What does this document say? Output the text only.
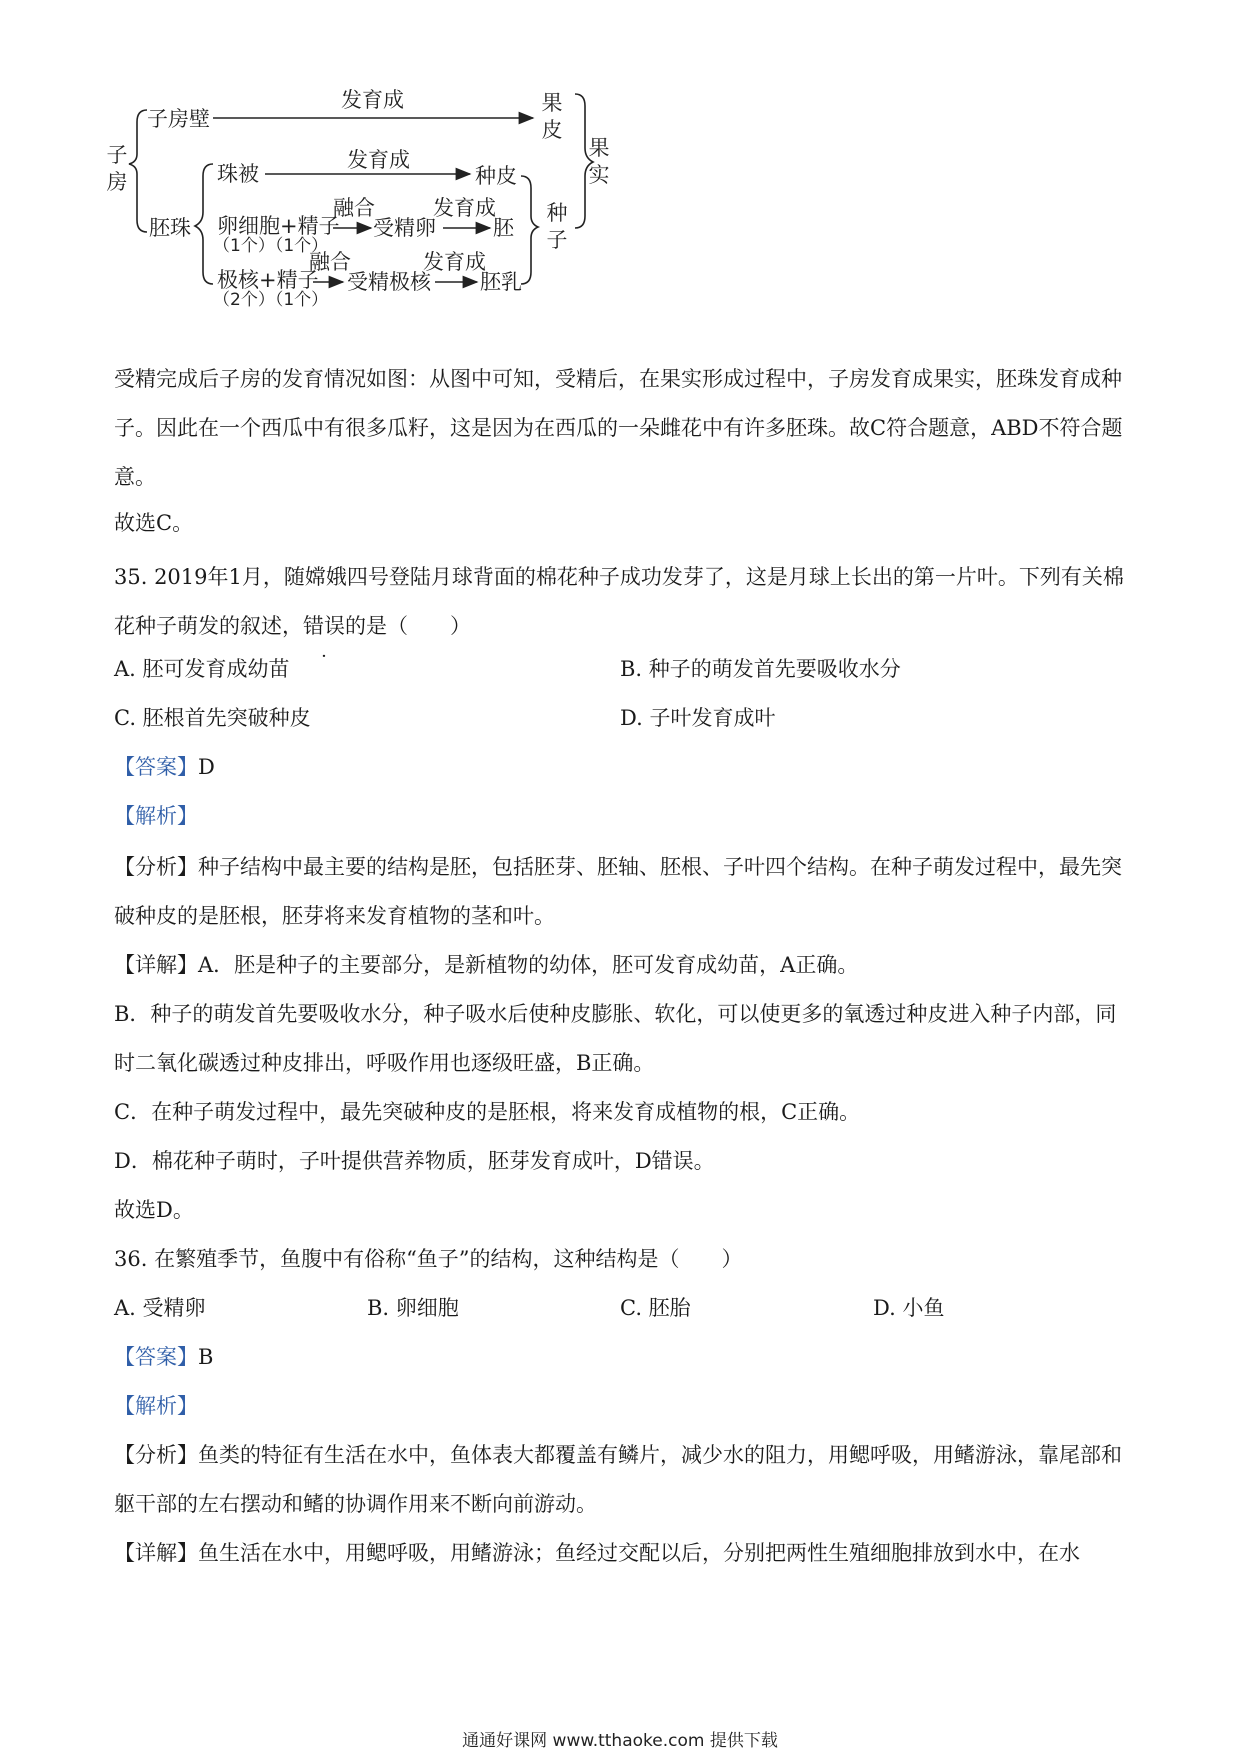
子房
子房壁
发育成	果皮
果实
珠被
发育成
种皮
胚珠 卵细胞+精子
（1个）（1个）
融合
受精卵
发育成
胚
种子
极核+精子
（2个）（1个）
融合
受精极核
发育成
胚乳

受精完成后子房的发育情况如图：从图中可知，受精后，在果实形成过程中，子房发育成果实，胚珠发育成种子。因此在一个西瓜中有很多瓜籽，这是因为在西瓜的一朵雌花中有许多胚珠。故C符合题意，ABD不符合题意。

故选C。

35. 2019年1月，随嫦娥四号登陆月球背面的棉花种子成功发芽了，这是月球上长出的第一片叶。下列有关棉花种子萌发的叙述，错误的是（　　）

A. 胚可发育成幼苗	B. 种子的萌发首先要吸收水分
C. 胚根首先突破种皮	D. 子叶发育成叶

【答案】D

【解析】

【分析】种子结构中最主要的结构是胚，包括胚芽、胚轴、胚根、子叶四个结构。在种子萌发过程中，最先突破种皮的是胚根，胚芽将来发育植物的茎和叶。

【详解】A．胚是种子的主要部分，是新植物的幼体，胚可发育成幼苗，A正确。

B．种子的萌发首先要吸收水分，种子吸水后使种皮膨胀、软化，可以使更多的氧透过种皮进入种子内部，同时二氧化碳透过种皮排出，呼吸作用也逐级旺盛，B正确。

C．在种子萌发过程中，最先突破种皮的是胚根，将来发育成植物的根，C正确。

D．棉花种子萌时，子叶提供营养物质，胚芽发育成叶，D错误。

故选D。

36. 在繁殖季节，鱼腹中有俗称“鱼子”的结构，这种结构是（　　）

A. 受精卵	B. 卵细胞	C. 胚胎	D. 小鱼

【答案】B

【解析】

【分析】鱼类的特征有生活在水中，鱼体表大都覆盖有鳞片，减少水的阻力，用鳃呼吸，用鳍游泳，靠尾部和躯干部的左右摆动和鳍的协调作用来不断向前游动。

【详解】鱼生活在水中，用鳃呼吸，用鳍游泳；鱼经过交配以后，分别把两性生殖细胞排放到水中，在水

通通好课网 www.tthaoke.com 提供下载
